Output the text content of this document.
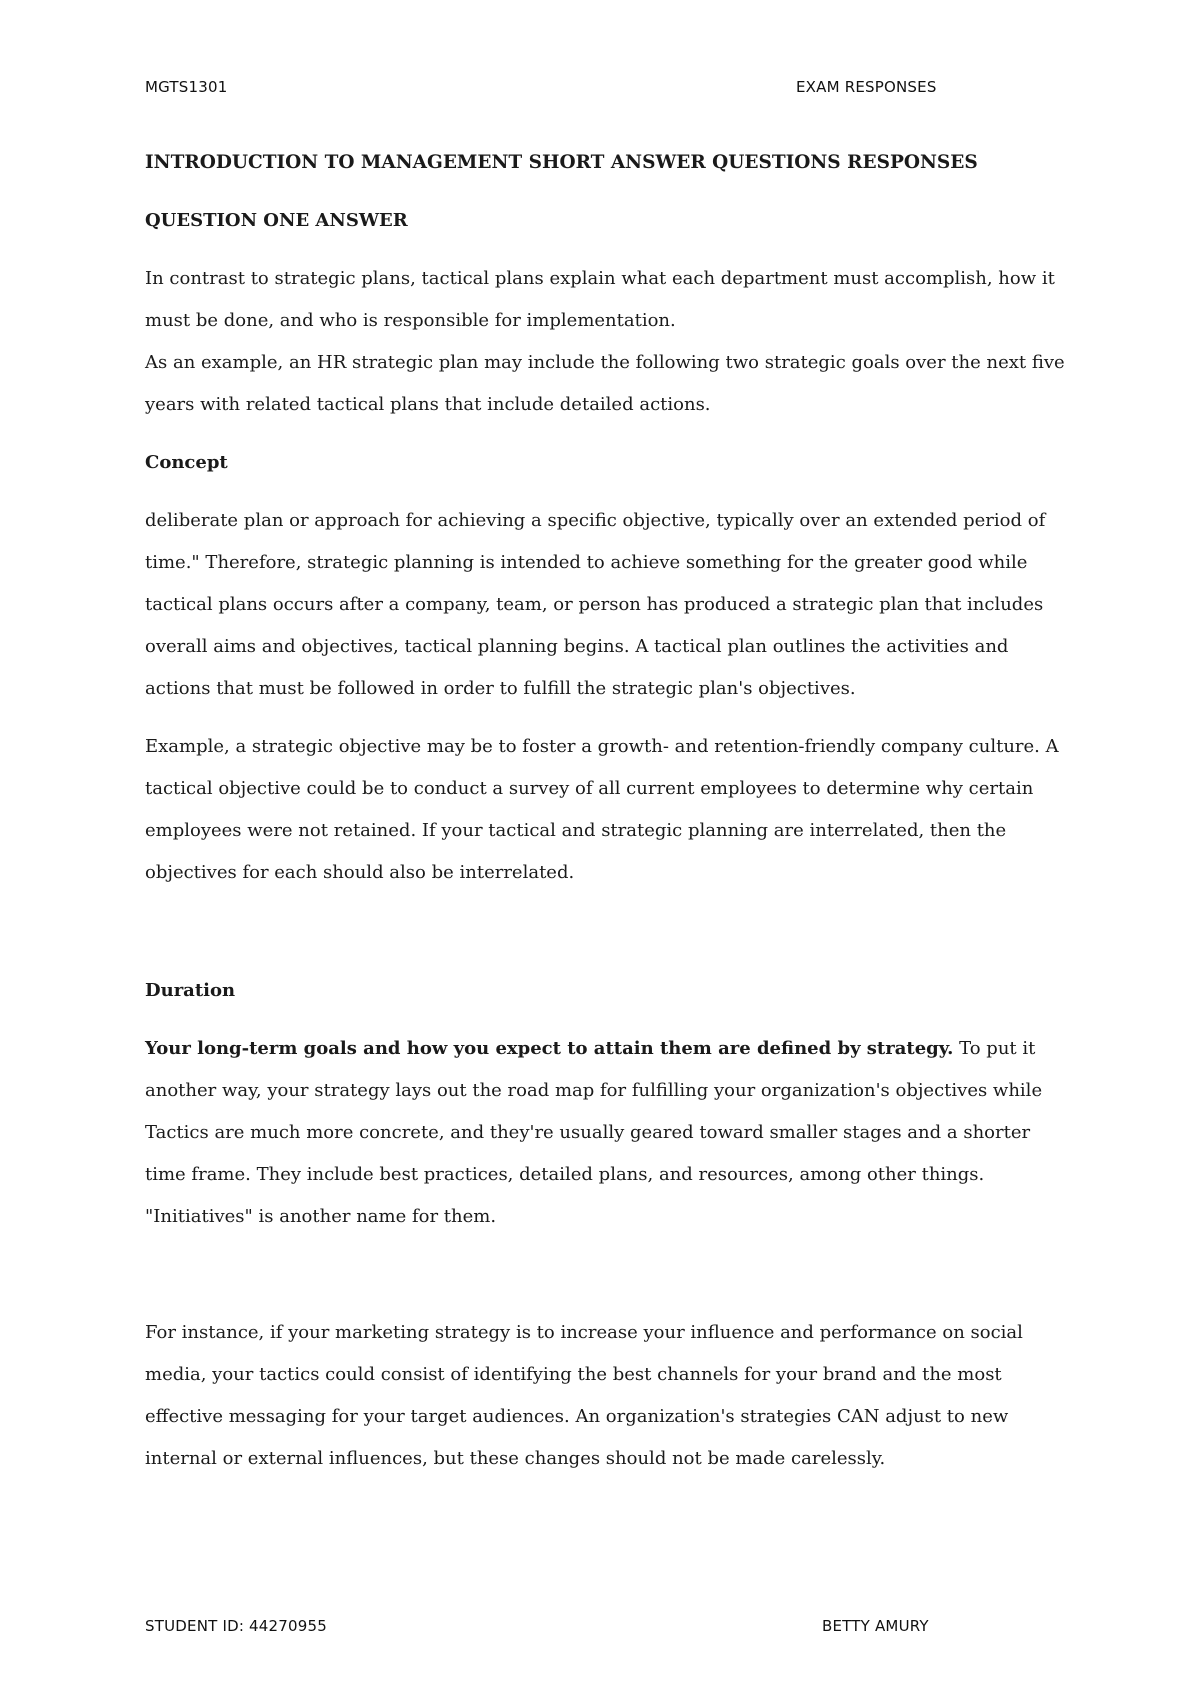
MGTS1301	EXAM RESPONSES
INTRODUCTION TO MANAGEMENT SHORT ANSWER QUESTIONS RESPONSES
QUESTION ONE ANSWER
In contrast to strategic plans, tactical plans explain what each department must accomplish, how it must be done, and who is responsible for implementation.
As an example, an HR strategic plan may include the following two strategic goals over the next five years with related tactical plans that include detailed actions.
Concept
deliberate plan or approach for achieving a specific objective, typically over an extended period of time." Therefore, strategic planning is intended to achieve something for the greater good while tactical plans occurs after a company, team, or person has produced a strategic plan that includes overall aims and objectives, tactical planning begins. A tactical plan outlines the activities and actions that must be followed in order to fulfill the strategic plan's objectives.
Example, a strategic objective may be to foster a growth- and retention-friendly company culture. A tactical objective could be to conduct a survey of all current employees to determine why certain employees were not retained. If your tactical and strategic planning are interrelated, then the objectives for each should also be interrelated.
Duration
Your long-term goals and how you expect to attain them are defined by strategy. To put it another way, your strategy lays out the road map for fulfilling your organization's objectives while Tactics are much more concrete, and they're usually geared toward smaller stages and a shorter time frame. They include best practices, detailed plans, and resources, among other things. "Initiatives" is another name for them.
For instance, if your marketing strategy is to increase your influence and performance on social media, your tactics could consist of identifying the best channels for your brand and the most effective messaging for your target audiences. An organization's strategies CAN adjust to new internal or external influences, but these changes should not be made carelessly.
STUDENT ID: 44270955	BETTY AMURY
